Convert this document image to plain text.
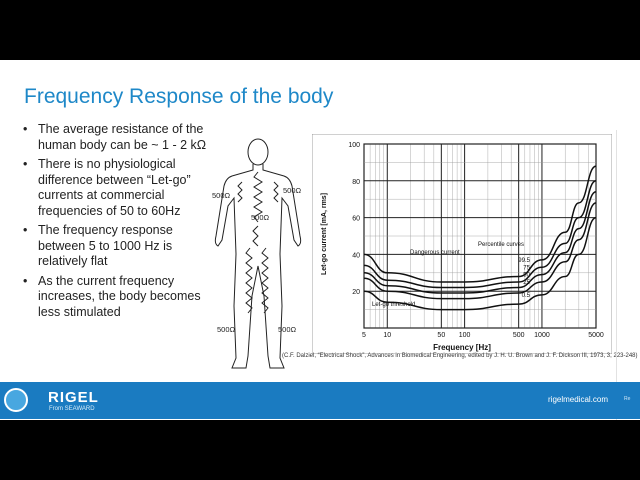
Frequency Response of the body
• The average resistance of the human body can be ~ 1 - 2 kΩ
• There is no physiological difference between “Let-go” currents at commercial frequencies of 50 to 60Hz
• The frequency response between 5 to 1000 Hz is relatively flat
• As the current frequency increases, the body becomes less stimulated
500Ω
500Ω
500Ω
500Ω	500Ω
99.5
75
50
25
0.5
5 10	50 100	500 1000	5000
20
40
60
80
100
Frequency [Hz]
Let-go current [mA, rms]	Percentile curves
Dangerous current
Let-go threshold
(C.F. Dalziel, “Electrical Shock”, Advances in Biomedical Engineering, edited by J. H. U. Brown and J. F. Dickson III, 1973, 3, 223-248)
RIGEL
From SEAWARD
rigelmedical.com	Re
